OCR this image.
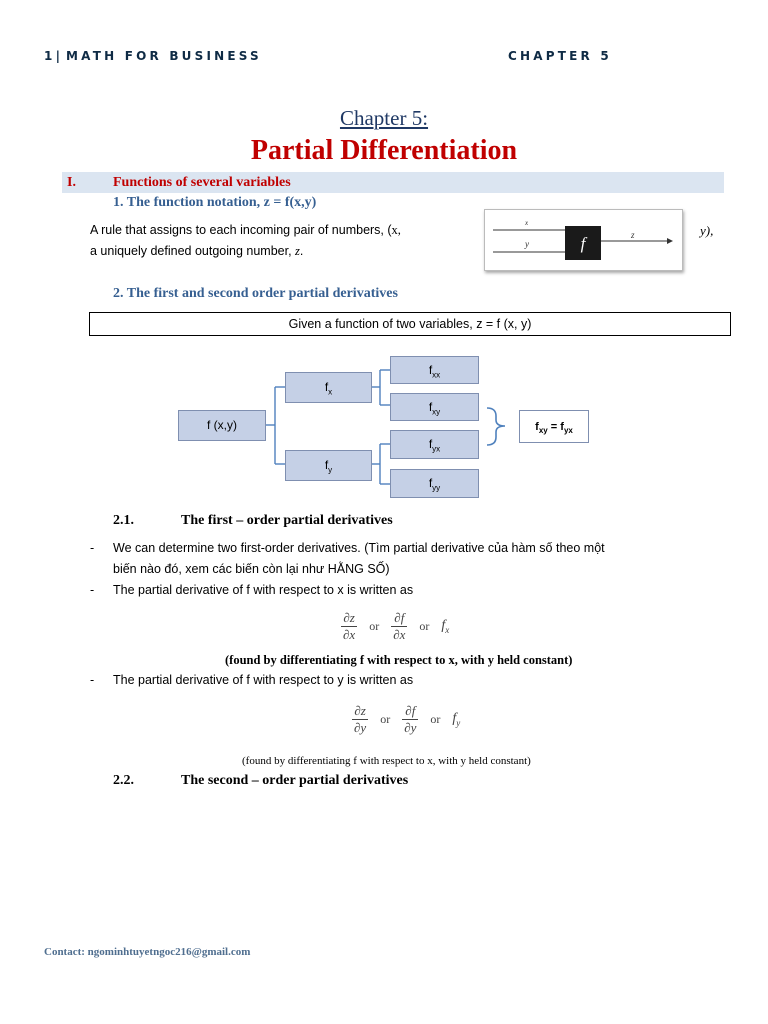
1| MATH FOR BUSINESS	CHAPTER 5
Chapter 5:
Partial Differentiation
I.	Functions of several variables
1. The function notation, z = f(x,y)
A rule that assigns to each incoming pair of numbers, (x,	y),
a uniquely defined outgoing number, z.
x
y	f	z
2. The first and second order partial derivatives
Given a function of two variables, z = f (x, y)
f (x,y)
$f_x$
$f_y$
$f_{xx}$
$f_{xy}$
$f_{yx}$
$f_{yy}$
$f_{xy} = f_{yx}$
2.1.	The first – order partial derivatives
- We can determine two first-order derivatives. (Tìm partial derivative của hàm số theo một
biến nào đó, xem các biến còn lại như HẰNG SỐ)
- The partial derivative of f with respect to x is written as
$\frac{\partial z}{\partial x}$ or $\frac{\partial f}{\partial x}$ or $f_x$
(found by differentiating f with respect to x, with y held constant)
- The partial derivative of f with respect to y is written as
$\frac{\partial z}{\partial y}$ or $\frac{\partial f}{\partial y}$ or $f_y$
(found by differentiating f with respect to x, with y held constant)
2.2.	The second – order partial derivatives
Contact: ngominhtuyetngoc216@gmail.com
